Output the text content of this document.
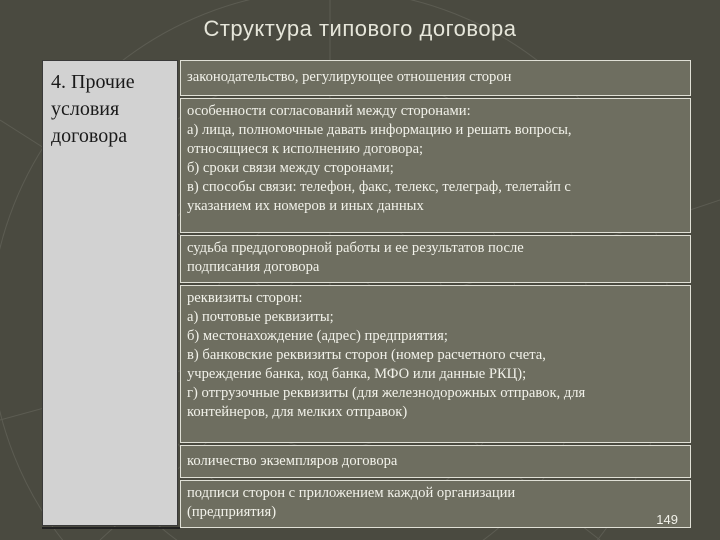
Структура типового договора
4. Прочие
условия
договора
законодательство, регулирующее отношения сторон
особенности согласований между сторонами:
а) лица, полномочные давать информацию и решать вопросы,
относящиеся к исполнению договора;
б) сроки связи между сторонами;
в) способы связи: телефон, факс, телекс, телеграф, телетайп с
указанием их номеров и иных данных
судьба преддоговорной работы и ее результатов после
подписания договора
реквизиты сторон:
а) почтовые реквизиты;
б) местонахождение (адрес) предприятия;
в) банковские реквизиты сторон (номер расчетного счета,
учреждение банка, код банка, МФО или данные РКЦ);
г) отгрузочные реквизиты (для железнодорожных отправок, для
контейнеров, для мелких отправок)
количество экземпляров договора
подписи сторон с приложением каждой организации
(предприятия)	149
